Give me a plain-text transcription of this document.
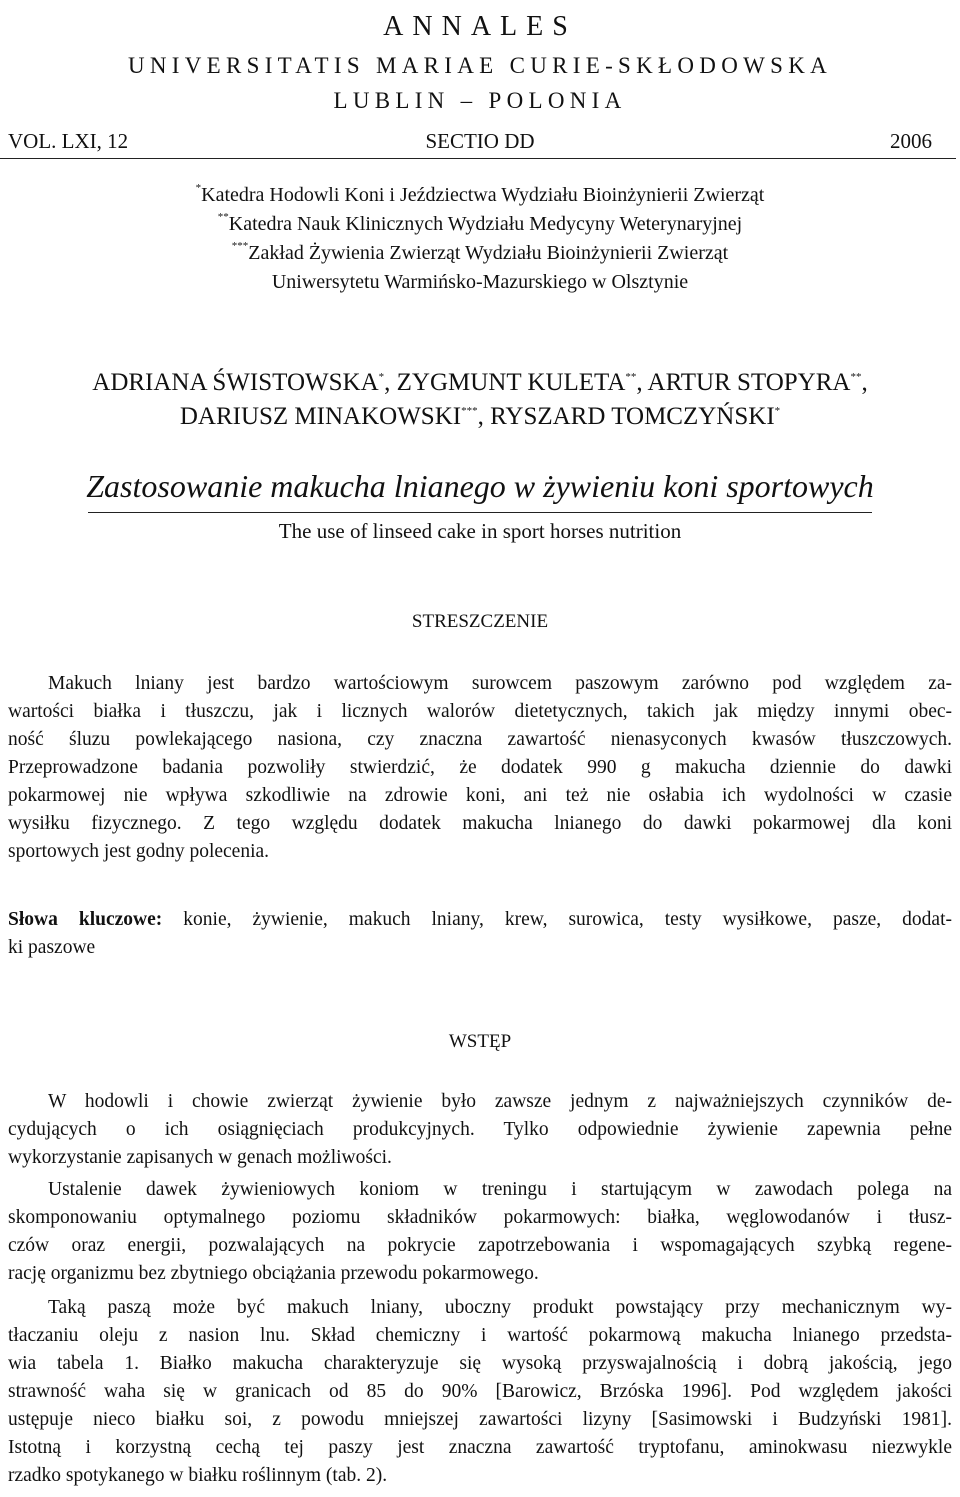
ANNALES
UNIVERSITATIS MARIAE CURIE-SKŁODOWSKA
LUBLIN – POLONIA
VOL. LXI, 12	SECTIO DD	2006
*Katedra Hodowli Koni i Jeździectwa Wydziału Bioinżynierii Zwierząt
**Katedra Nauk Klinicznych Wydziału Medycyny Weterynaryjnej
***Zakład Żywienia Zwierząt Wydziału Bioinżynierii Zwierząt
Uniwersytetu Warmińsko-Mazurskiego w Olsztynie
ADRIANA ŚWISTOWSKA*, ZYGMUNT KULETA**, ARTUR STOPYRA**,
DARIUSZ MINAKOWSKI***, RYSZARD TOMCZYŃSKI*
Zastosowanie makucha lnianego w żywieniu koni sportowych
The use of linseed cake in sport horses nutrition
STRESZCZENIE
Makuch lniany jest bardzo wartościowym surowcem paszowym zarówno pod względem za-
wartości białka i tłuszczu, jak i licznych walorów dietetycznych, takich jak między innymi obec-
ność śluzu powlekającego nasiona, czy znaczna zawartość nienasyconych kwasów tłuszczowych.
Przeprowadzone badania pozwoliły stwierdzić, że dodatek 990 g makucha dziennie do dawki
pokarmowej nie wpływa szkodliwie na zdrowie koni, ani też nie osłabia ich wydolności w czasie
wysiłku fizycznego. Z tego względu dodatek makucha lnianego do dawki pokarmowej dla koni
sportowych jest godny polecenia.
Słowa kluczowe: konie, żywienie, makuch lniany, krew, surowica, testy wysiłkowe, pasze, dodat-
ki paszowe
WSTĘP
W hodowli i chowie zwierząt żywienie było zawsze jednym z najważniejszych czynników de-
cydujących o ich osiągnięciach produkcyjnych. Tylko odpowiednie żywienie zapewnia pełne
wykorzystanie zapisanych w genach możliwości.
Ustalenie dawek żywieniowych koniom w treningu i startującym w zawodach polega na
skomponowaniu optymalnego poziomu składników pokarmowych: białka, węglowodanów i tłusz-
czów oraz energii, pozwalających na pokrycie zapotrzebowania i wspomagających szybką regene-
rację organizmu bez zbytniego obciążania przewodu pokarmowego.
Taką paszą może być makuch lniany, uboczny produkt powstający przy mechanicznym wy-
tłaczaniu oleju z nasion lnu. Skład chemiczny i wartość pokarmową makucha lnianego przedsta-
wia tabela 1. Białko makucha charakteryzuje się wysoką przyswajalnością i dobrą jakością, jego
strawność waha się w granicach od 85 do 90% [Barowicz, Brzóska 1996]. Pod względem jakości
ustępuje nieco białku soi, z powodu mniejszej zawartości lizyny [Sasimowski i Budzyński 1981].
Istotną i korzystną cechą tej paszy jest znaczna zawartość tryptofanu, aminokwasu niezwykle
rzadko spotykanego w białku roślinnym (tab. 2).
